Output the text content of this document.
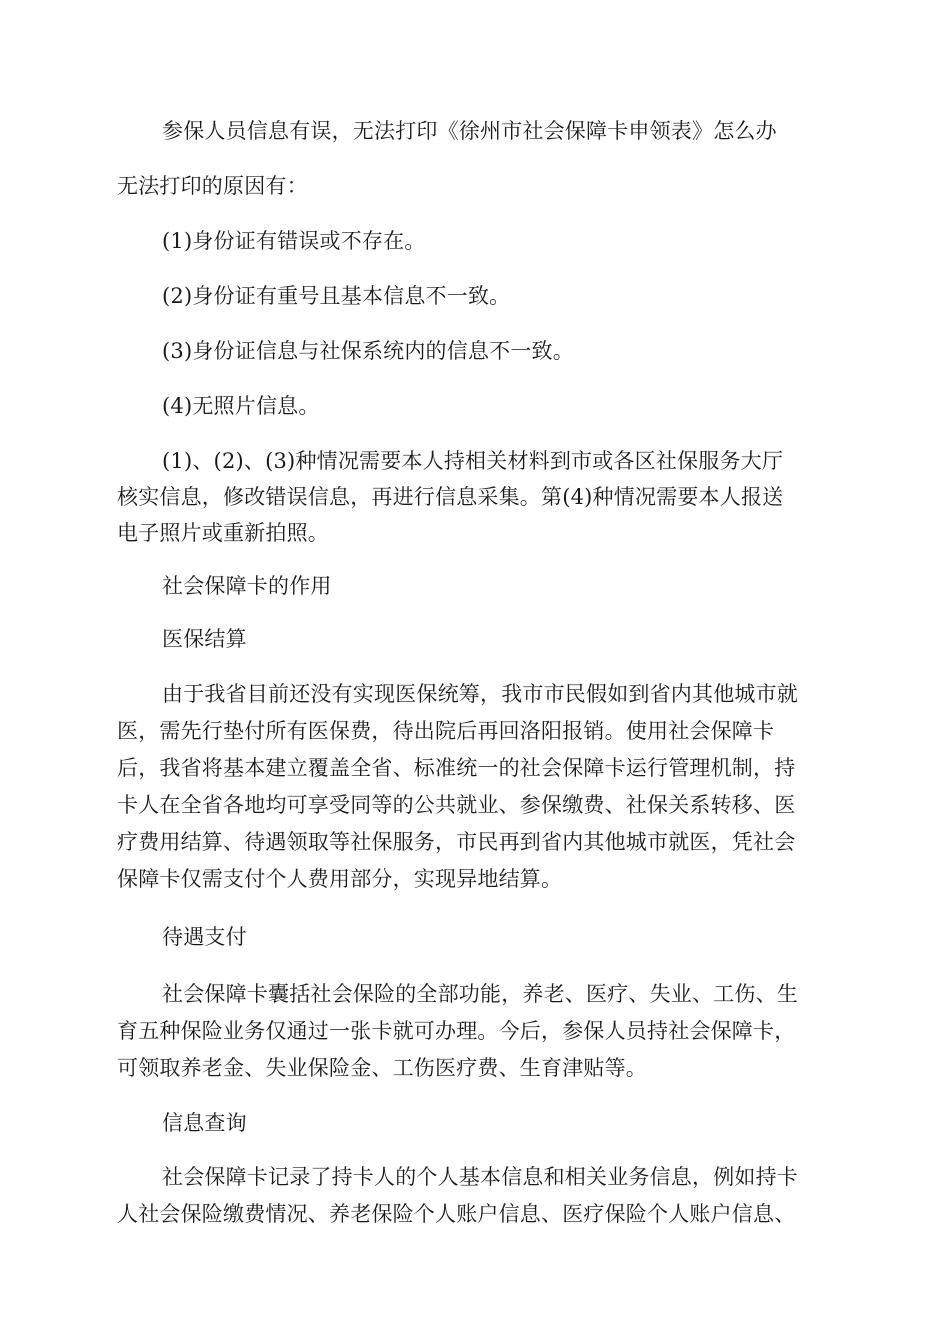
参保人员信息有误，无法打印《徐州市社会保障卡申领表》怎么办
无法打印的原因有：
(1)身份证有错误或不存在。
(2)身份证有重号且基本信息不一致。
(3)身份证信息与社保系统内的信息不一致。
(4)无照片信息。
(1)、(2)、(3)种情况需要本人持相关材料到市或各区社保服务大厅
核实信息，修改错误信息，再进行信息采集。第(4)种情况需要本人报送
电子照片或重新拍照。
社会保障卡的作用
医保结算
由于我省目前还没有实现医保统筹，我市市民假如到省内其他城市就
医，需先行垫付所有医保费，待出院后再回洛阳报销。使用社会保障卡
后，我省将基本建立覆盖全省、标准统一的社会保障卡运行管理机制，持
卡人在全省各地均可享受同等的公共就业、参保缴费、社保关系转移、医
疗费用结算、待遇领取等社保服务，市民再到省内其他城市就医，凭社会
保障卡仅需支付个人费用部分，实现异地结算。
待遇支付
社会保障卡囊括社会保险的全部功能，养老、医疗、失业、工伤、生
育五种保险业务仅通过一张卡就可办理。今后，参保人员持社会保障卡，
可领取养老金、失业保险金、工伤医疗费、生育津贴等。
信息查询
社会保障卡记录了持卡人的个人基本信息和相关业务信息，例如持卡
人社会保险缴费情况、养老保险个人账户信息、医疗保险个人账户信息、
